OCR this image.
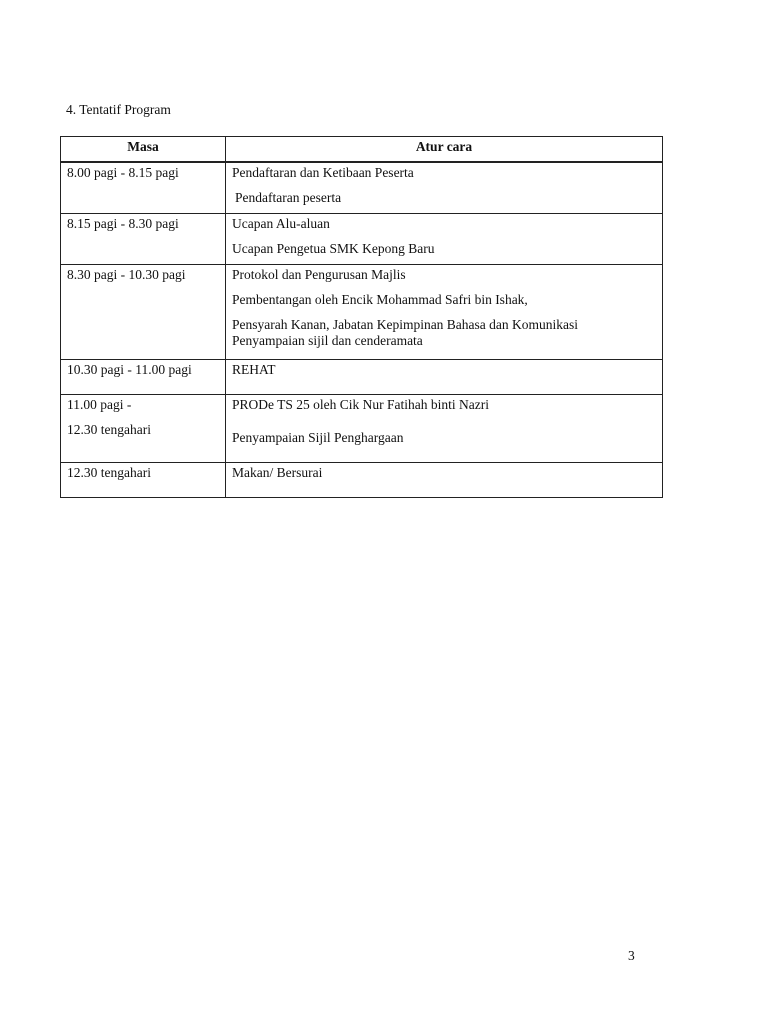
4. Tentatif Program
Masa	Atur cara

8.00 pagi - 8.15 pagi	Pendaftaran dan Ketibaan Peserta
Pendaftaran peserta

8.15 pagi - 8.30 pagi	Ucapan Alu-aluan
Ucapan Pengetua SMK Kepong Baru

8.30 pagi - 10.30 pagi	Protokol dan Pengurusan Majlis
Pembentangan oleh Encik Mohammad Safri bin Ishak,
Pensyarah Kanan, Jabatan Kepimpinan Bahasa dan Komunikasi
Penyampaian sijil dan cenderamata

10.30 pagi - 11.00 pagi	REHAT

11.00 pagi -
12.30 tengahari	PRODe TS 25 oleh Cik Nur Fatihah binti Nazri
Penyampaian Sijil Penghargaan

12.30 tengahari	Makan/ Bersurai
3
